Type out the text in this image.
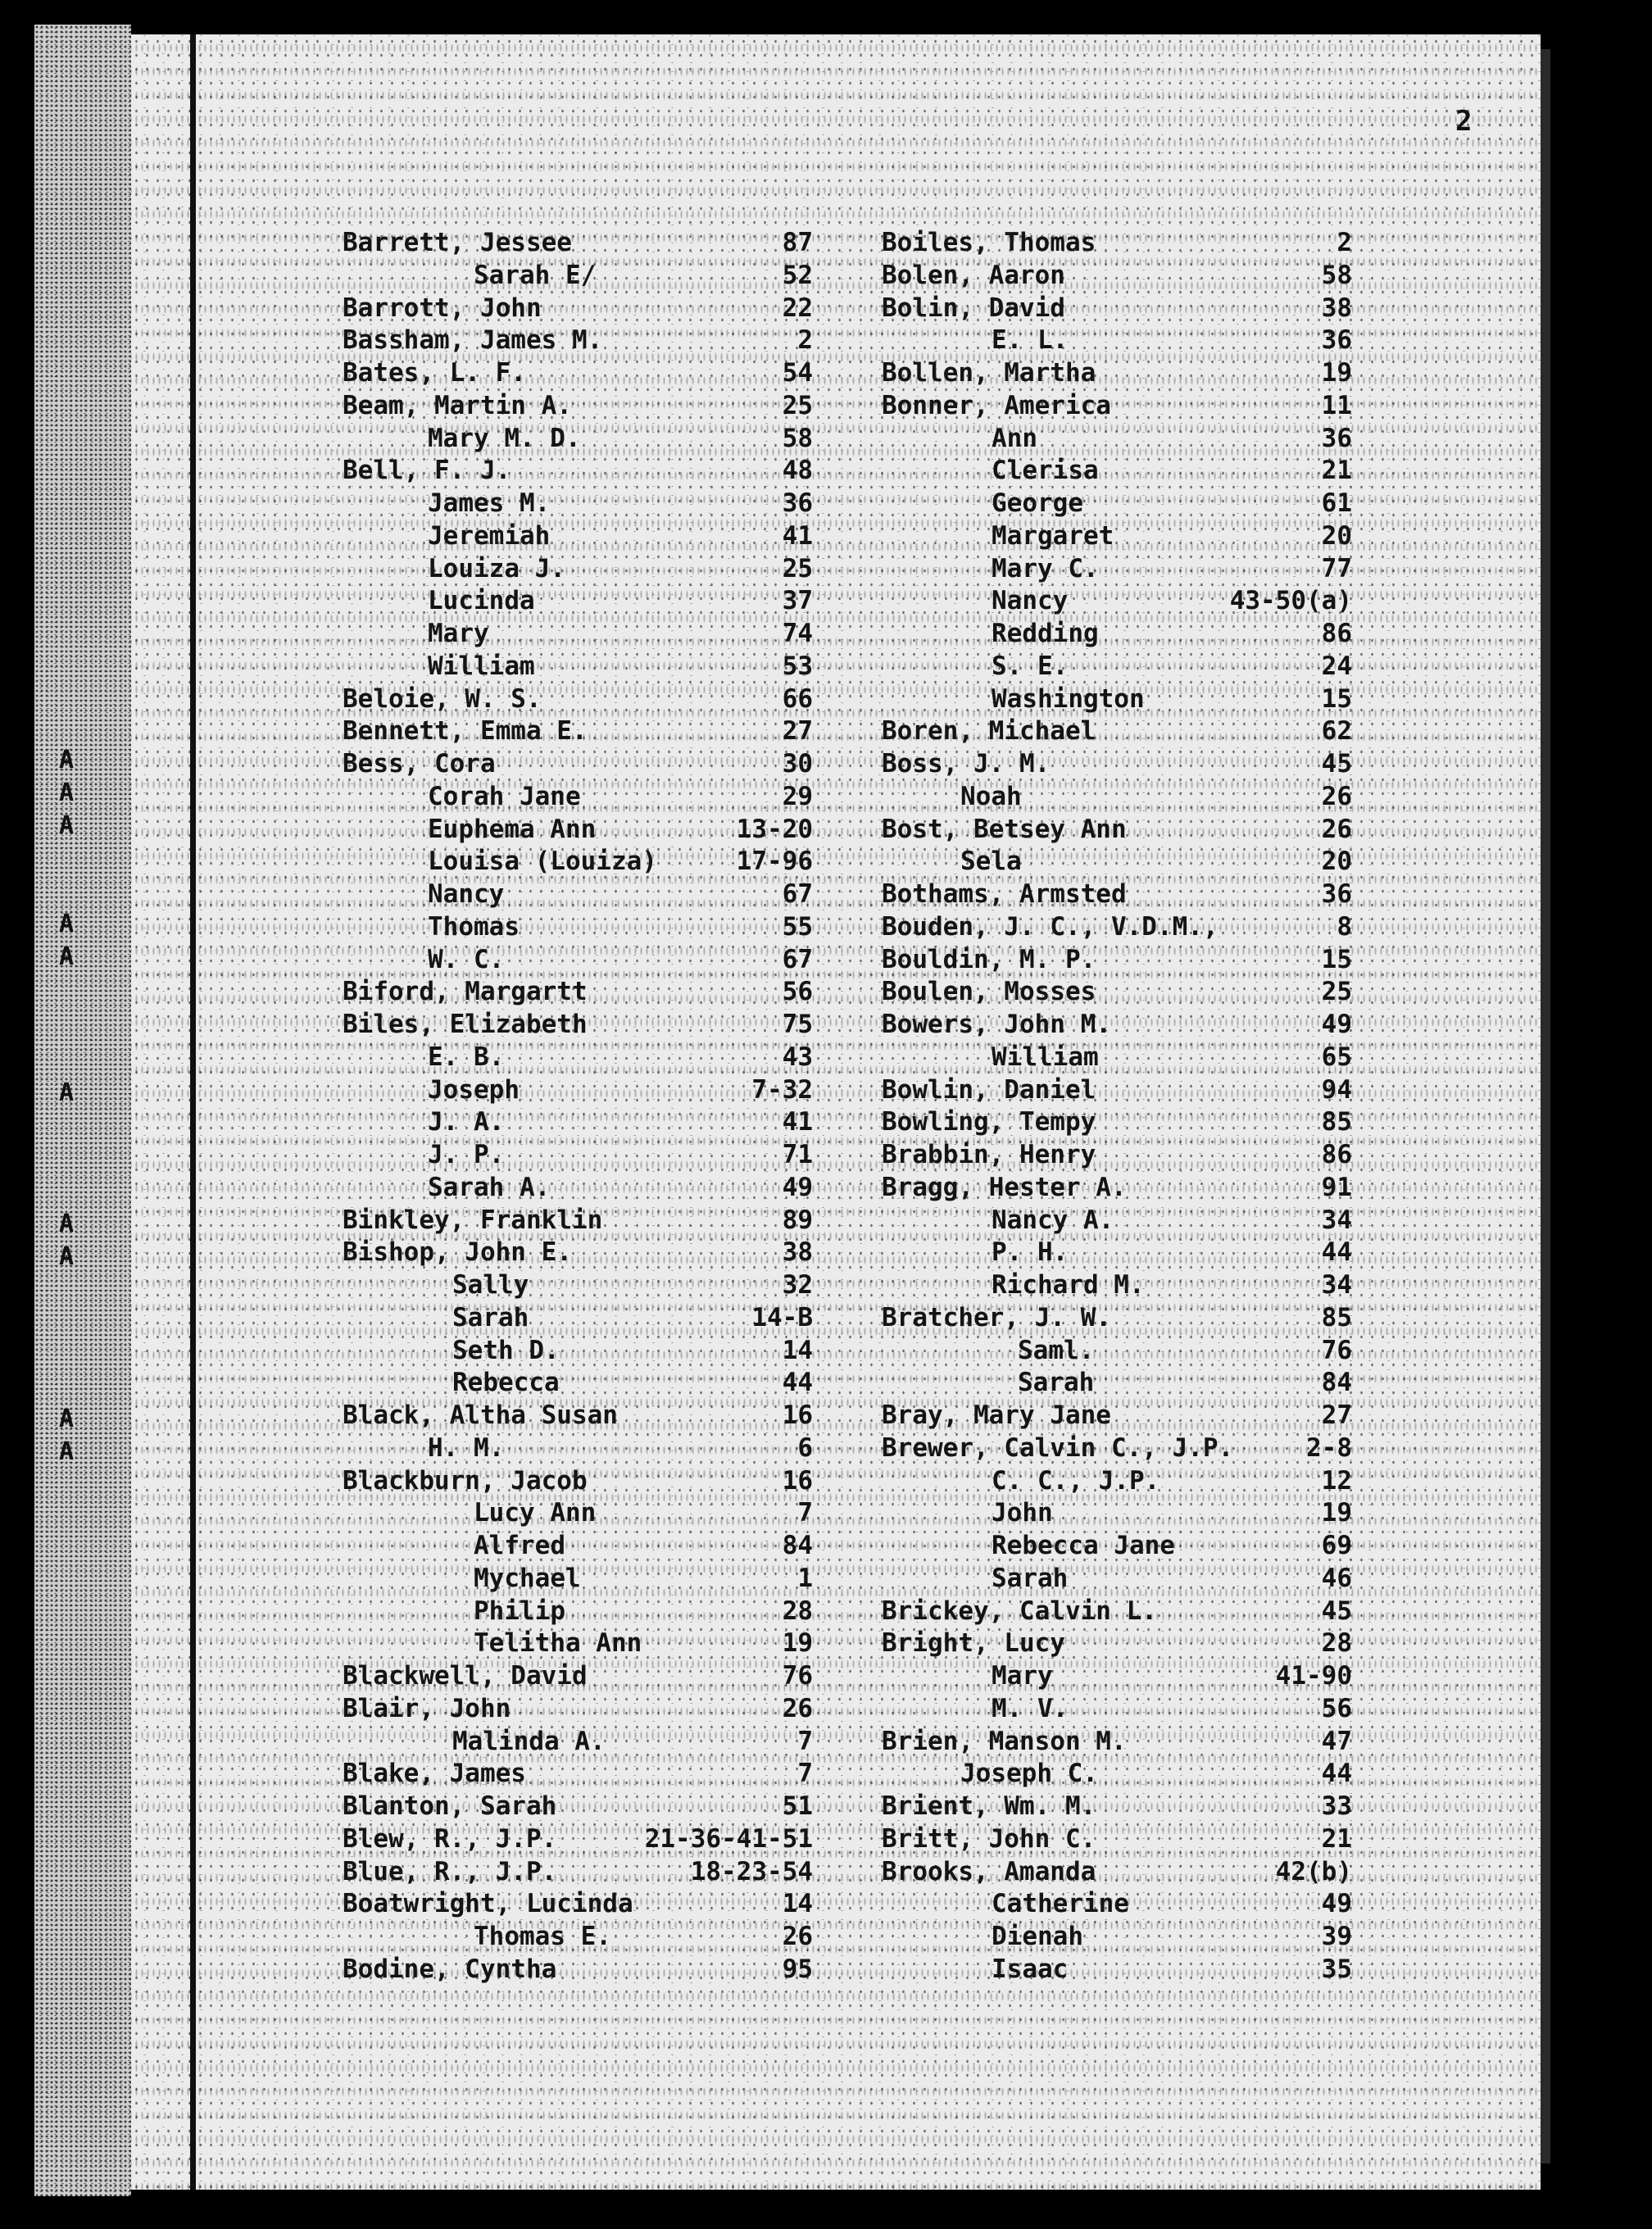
2
Barrett, Jessee	87
Sarah E/	52
Barrott, John	22
Bassham, James M.	2
Bates, L. F.	54
Beam, Martin A.	25
Mary M. D.	58
Bell, F. J.	48
James M.	36
Jeremiah	41
Louiza J.	25
Lucinda	37
Mary	74
William	53
Beloie, W. S.	66
Bennett, Emma E.	27
Bess, Cora	30
Corah Jane	29
Euphema Ann	13-20
Louisa (Louiza)	17-96
Nancy	67
Thomas	55
W. C.	67
Biford, Margartt	56
Biles, Elizabeth	75
E. B.	43
Joseph	7-32
J. A.	41
J. P.	71
Sarah A.	49
Binkley, Franklin	89
Bishop, John E.	38
Sally	32
Sarah	14-B
Seth D.	14
Rebecca	44
Black, Altha Susan	16
H. M.	6
Blackburn, Jacob	16
Lucy Ann	7
Alfred	84
Mychael	1
Philip	28
Telitha Ann	19
Blackwell, David	76
Blair, John	26
Malinda A.	7
Blake, James	7
Blanton, Sarah	51
Blew, R., J.P.	21-36-41-51
Blue, R., J.P.	18-23-54
Boatwright, Lucinda	14
Thomas E.	26
Bodine, Cyntha	95
Boiles, Thomas	2
Bolen, Aaron	58
Bolin, David	38
E. L.	36
Bollen, Martha	19
Bonner, America	11
Ann	36
Clerisa	21
George	61
Margaret	20
Mary C.	77
Nancy	43-50(a)
Redding	86
S. E.	24
Washington	15
Boren, Michael	62
Boss, J. M.	45
Noah	26
Bost, Betsey Ann	26
Sela	20
Bothams, Armsted	36
Bouden, J. C., V.D.M.,	8
Bouldin, M. P.	15
Boulen, Mosses	25
Bowers, John M.	49
William	65
Bowlin, Daniel	94
Bowling, Tempy	85
Brabbin, Henry	86
Bragg, Hester A.	91
Nancy A.	34
P. H.	44
Richard M.	34
Bratcher, J. W.	85
Saml.	76
Sarah	84
Bray, Mary Jane	27
Brewer, Calvin C., J.P.	2-8
C. C., J.P.	12
John	19
Rebecca Jane	69
Sarah	46
Brickey, Calvin L.	45
Bright, Lucy	28
Mary	41-90
M. V.	56
Brien, Manson M.	47
Joseph C.	44
Brient, Wm. M.	33
Britt, John C.	21
Brooks, Amanda	42(b)
Catherine	49
Dienah	39
Isaac	35
A
A
A
A
A
A
A
A
A
A
